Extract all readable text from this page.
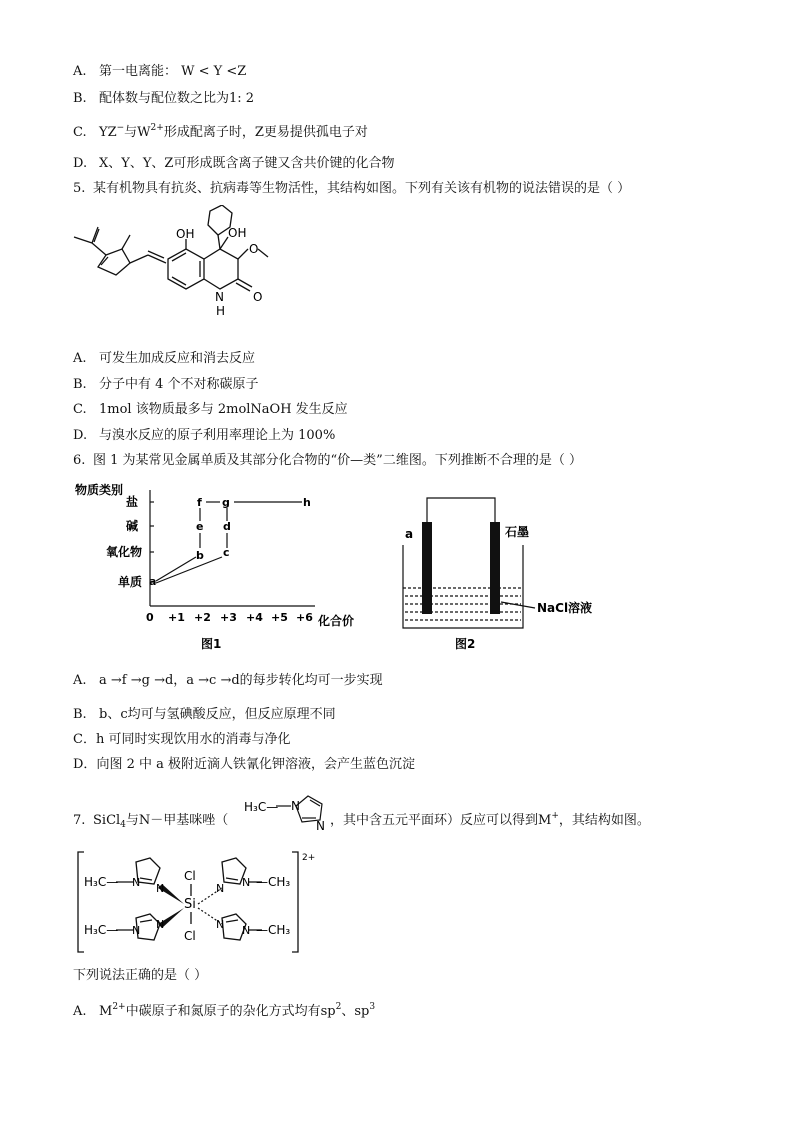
A. 第一电离能： W < Y <Z
B. 配体数与配位数之比为1: 2
C. YZ−与$W^{2+}$形成配离子时，Z更易提供孤电子对
D. X、Y、Y、Z可形成既含离子键又含共价键的化合物
5. 某有机物具有抗炎、抗病毒等生物活性，其结构如图。下列有关该有机物的说法错误的是（ ）
OH	OH
O
N
H
O
A. 可发生加成反应和消去反应
B. 分子中有 4 个不对称碳原子
C. 1mol 该物质最多与 2molNaOH 发生反应
D. 与溴水反应的原子利用率理论上为 100%
6. 图 1 为某常见金属单质及其部分化合物的“价—类”二维图。下列推断不合理的是（ ）
物质类别
单质
氧化物
碱
盐
0 +1 +2 +3 +4 +5 +6 化合价
a
b c
d
e
f g	h
图1
a	石墨
NaCl溶液
图2
A. a →f →g →d，a →c →d的每步转化均可一步实现
B. b、c均可与氢碘酸反应，但反应原理不同
C．h 可同时实现饮用水的消毒与净化
D．向图 2 中 a 极附近滴人铁氰化钾溶液，会产生蓝色沉淀
7. SiCl$_4$与N－甲基咪唑（
H₃C— N
N ，其中含五元平面环）反应可以得到M+，其结构如图。
Si
Cl
Cl
H₃C—
H₃C—
—CH₃
—CH₃
N N
N N
N N
N N
2+
下列说法正确的是（ ）
A. $M^{2+}$中碳原子和氮原子的杂化方式均有$sp^2$、$sp^3$
